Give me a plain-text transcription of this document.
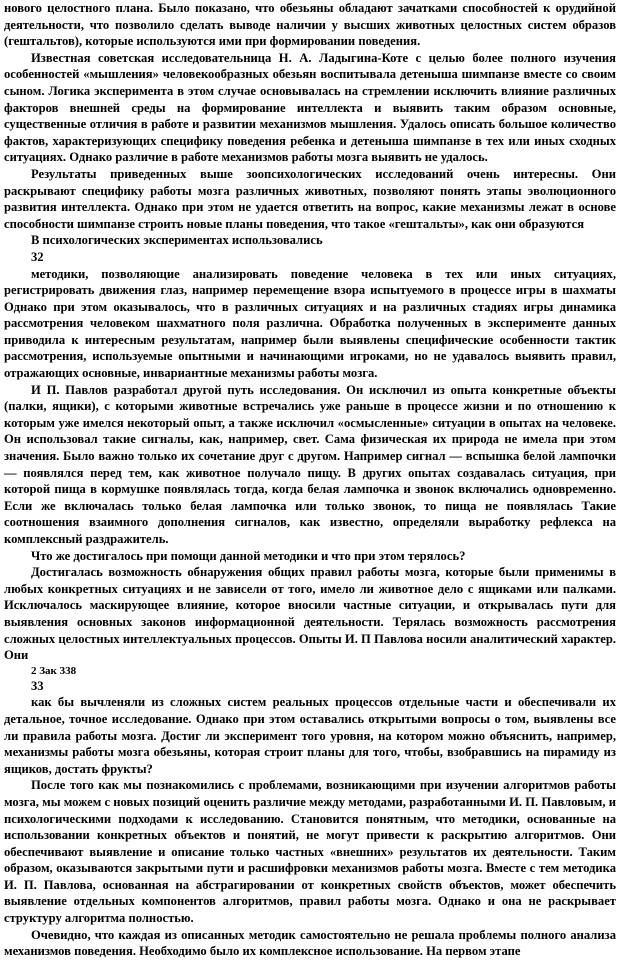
нового целостного плана. Было показано, что обезьяны обладают зачатками способностей к орудийной деятельности, что позволило сделать выводе наличии у высших животных целостных систем образов (гештальтов), которые используются ими при формировании поведения.

Известная советская исследовательница Н. А. Ладыгина-Коте с целью более полного изучения особенностей «мышления» человекообразных обезьян воспитывала детеныша шимпанзе вместе со своим сыном. Логика эксперимента в этом случае основывалась на стремлении исключить влияние различных факторов внешней среды на формирование интеллекта и выявить таким образом основные, существенные отличия в работе и развитии механизмов мышления. Удалось описать большое количество фактов, характеризующих специфику поведения ребенка и детеныша шимпанзе в тех или иных сходных ситуациях. Однако различие в работе механизмов работы мозга выявить не удалось.

Результаты приведенных выше зоопсихологических исследований очень интересны. Они раскрывают специфику работы мозга различных животных, позволяют понять этапы эволюционного развития интеллекта. Однако при этом не удается ответить на вопрос, какие механизмы лежат в основе способности шимпанзе строить новые планы поведения, что такое «гештальты», как они образуются

В психологических экспериментах использовались

32

методики, позволяющие анализировать поведение человека в тех или иных ситуациях, регистрировать движения глаз, например перемещение взора испытуемого в процессе игры в шахматы Однако при этом оказывалось, что в различных ситуациях и на различных стадиях игры динамика рассмотрения человеком шахматного поля различна. Обработка полученных в эксперименте данных приводила к интересным результатам, например были выявлены специфические особенности тактик рассмотрения, используемые опытными и начинающими игроками, но не удавалось выявить правил, отражающих основные, инвариантные механизмы работы мозга.

И П. Павлов разработал другой путь исследования. Он исключил из опыта конкретные объекты (палки, ящики), с которыми животные встречались уже раньше в процессе жизни и по отношению к которым уже имелся некоторый опыт, а также исключил «осмысленные» ситуации в опытах на человеке. Он использовал такие сигналы, как, например, свет. Сама физическая их природа не имела при этом значения. Было важно только их сочетание друг с другом. Например сигнал — вспышка белой лампочки — появлялся перед тем, как животное получало пищу. В других опытах создавалась ситуация, при которой пища в кормушке появлялась тогда, когда белая лампочка и звонок включались одновременно. Если же включалась только белая лампочка или только звонок, то пища не появлялась Такие соотношения взаимного дополнения сигналов, как известно, определяли выработку рефлекса на комплексный раздражитель.

Что же достигалось при помощи данной методики и что при этом терялось?

Достигалась возможность обнаружения общих правил работы мозга, которые были применимы в любых конкретных ситуациях и не зависели от того, имело ли животное дело с ящиками или палками. Исключалось маскирующее влияние, которое вносили частные ситуации, и открывалась пути для выявления основных законов информационной деятельности. Терялась возможность рассмотрения сложных целостных интеллектуальных процессов. Опыты И. П Павлова носили аналитический характер. Они

2 Зак 338

33

как бы вычленяли из сложных систем реальных процессов отдельные части и обеспечивали их детальное, точное исследование. Однако при этом оставались открытыми вопросы о том, выявлены все ли правила работы мозга. Достиг ли эксперимент того уровня, на котором можно объяснить, например, механизмы работы мозга обезьяны, которая строит планы для того, чтобы, взобравшись на пирамиду из ящиков, достать фрукты?

После того как мы познакомились с проблемами, возникающими при изучении алгоритмов работы мозга, мы можем с новых позиций оценить различие между методами, разработанными И. П. Павловым, и психологическими подходами к исследованию. Становится понятным, что методики, основанные на использовании конкретных объектов и понятий, не могут привести к раскрытию алгоритмов. Они обеспечивают выявление и описание только частных «внешних» результатов их деятельности. Таким образом, оказываются закрытыми пути и расшифровки механизмов работы мозга. Вместе с тем методика И. П. Павлова, основанная на абстрагировании от конкретных свойств объектов, может обеспечить выявление отдельных компонентов алгоритмов, правил работы мозга. Однако и она не раскрывает структуру алгоритма полностью.

Очевидно, что каждая из описанных методик самостоятельно не решала проблемы полного анализа механизмов поведения. Необходимо было их комплексное использование. На первом этапе
